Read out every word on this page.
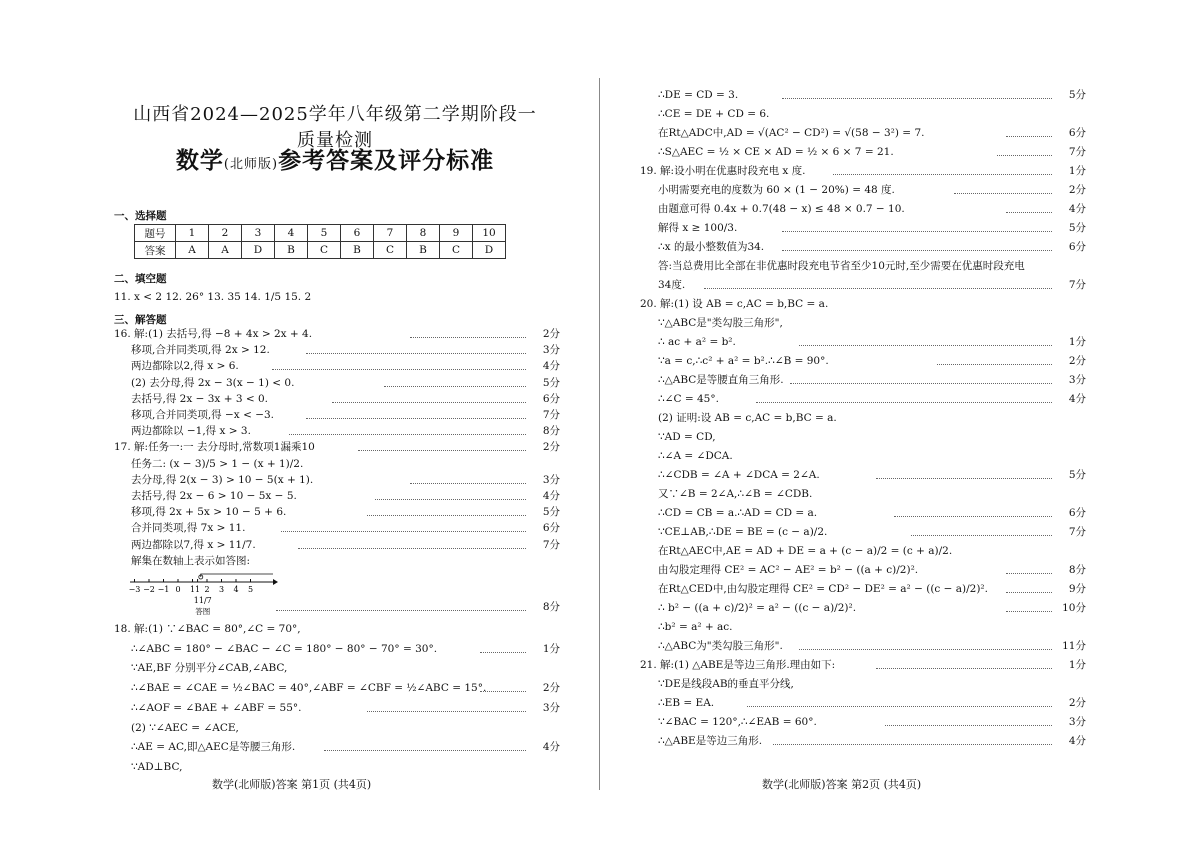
山西省2024—2025学年八年级第二学期阶段一质量检测
数学(北师版)参考答案及评分标准
一、选择题
题号	1	2	3	4	5	6	7	8	9	10
答案	A	A	D	B	C	B	C	B	C	D
二、填空题
11. x < 2 12. 26° 13. 35 14. 1/5 15. 2
三、解答题
16. 解:(1) 去括号,得 −8 + 4x > 2x + 4.	2分
移项,合并同类项,得 2x > 12.	3分
两边都除以2,得 x > 6.	4分
(2) 去分母,得 2x − 3(x − 1) < 0.	5分
去括号,得 2x − 3x + 3 < 0.	6分
移项,合并同类项,得 −x < −3.	7分
两边都除以 −1,得 x > 3.	8分
17. 解:任务一:一 去分母时,常数项1漏乘10	2分
任务二: (x − 3)/5 > 1 − (x + 1)/2.
去分母,得 2(x − 3) > 10 − 5(x + 1).	3分
去括号,得 2x − 6 > 10 − 5x − 5.	4分
移项,得 2x + 5x > 10 − 5 + 6.	5分
合并同类项,得 7x > 11.	6分
两边都除以7,得 x > 11/7.	7分
解集在数轴上表示如答图:
−3 −2 −1 0 1 1 2 3 4 5
11/7
答图	8分
18. 解:(1) ∵∠BAC = 80°,∠C = 70°,
∴∠ABC = 180° − ∠BAC − ∠C = 180° − 80° − 70° = 30°.	1分
∵AE,BF 分别平分∠CAB,∠ABC,
∴∠BAE = ∠CAE = ½∠BAC = 40°,∠ABF = ∠CBF = ½∠ABC = 15°.	2分
∴∠AOF = ∠BAE + ∠ABF = 55°.	3分
(2) ∵∠AEC = ∠ACE,
∴AE = AC,即△AEC是等腰三角形.	4分
∵AD⊥BC,
数学(北师版)答案 第1页 (共4页)
∴DE = CD = 3.	5分
∴CE = DE + CD = 6.
在Rt△ADC中,AD = √(AC² − CD²) = √(58 − 3²) = 7.	6分
∴S△AEC = ½ × CE × AD = ½ × 6 × 7 = 21.	7分
19. 解:设小明在优惠时段充电 x 度.	1分
小明需要充电的度数为 60 × (1 − 20%) = 48 度.	2分
由题意可得 0.4x + 0.7(48 − x) ≤ 48 × 0.7 − 10.	4分
解得 x ≥ 100/3.	5分
∴x 的最小整数值为34.	6分
答:当总费用比全部在非优惠时段充电节省至少10元时,至少需要在优惠时段充电
34度.	7分
20. 解:(1) 设 AB = c,AC = b,BC = a.
∵△ABC是"类勾股三角形",
∴ ac + a² = b².	1分
∵a = c,∴c² + a² = b².∴∠B = 90°.	2分
∴△ABC是等腰直角三角形.	3分
∴∠C = 45°.	4分
(2) 证明:设 AB = c,AC = b,BC = a.
∵AD = CD,
∴∠A = ∠DCA.
∴∠CDB = ∠A + ∠DCA = 2∠A.	5分
又∵∠B = 2∠A,∴∠B = ∠CDB.
∴CD = CB = a.∴AD = CD = a.	6分
∵CE⊥AB,∴DE = BE = (c − a)/2.	7分
在Rt△AEC中,AE = AD + DE = a + (c − a)/2 = (c + a)/2.
由勾股定理得 CE² = AC² − AE² = b² − ((a + c)/2)².	8分
在Rt△CED中,由勾股定理得 CE² = CD² − DE² = a² − ((c − a)/2)².	9分
∴ b² − ((a + c)/2)² = a² − ((c − a)/2)².	10分
∴b² = a² + ac.
∴△ABC为"类勾股三角形".	11分
21. 解:(1) △ABE是等边三角形.理由如下:	1分
∵DE是线段AB的垂直平分线,
∴EB = EA.	2分
∵∠BAC = 120°,∴∠EAB = 60°.	3分
∴△ABE是等边三角形.	4分
数学(北师版)答案 第2页 (共4页)
